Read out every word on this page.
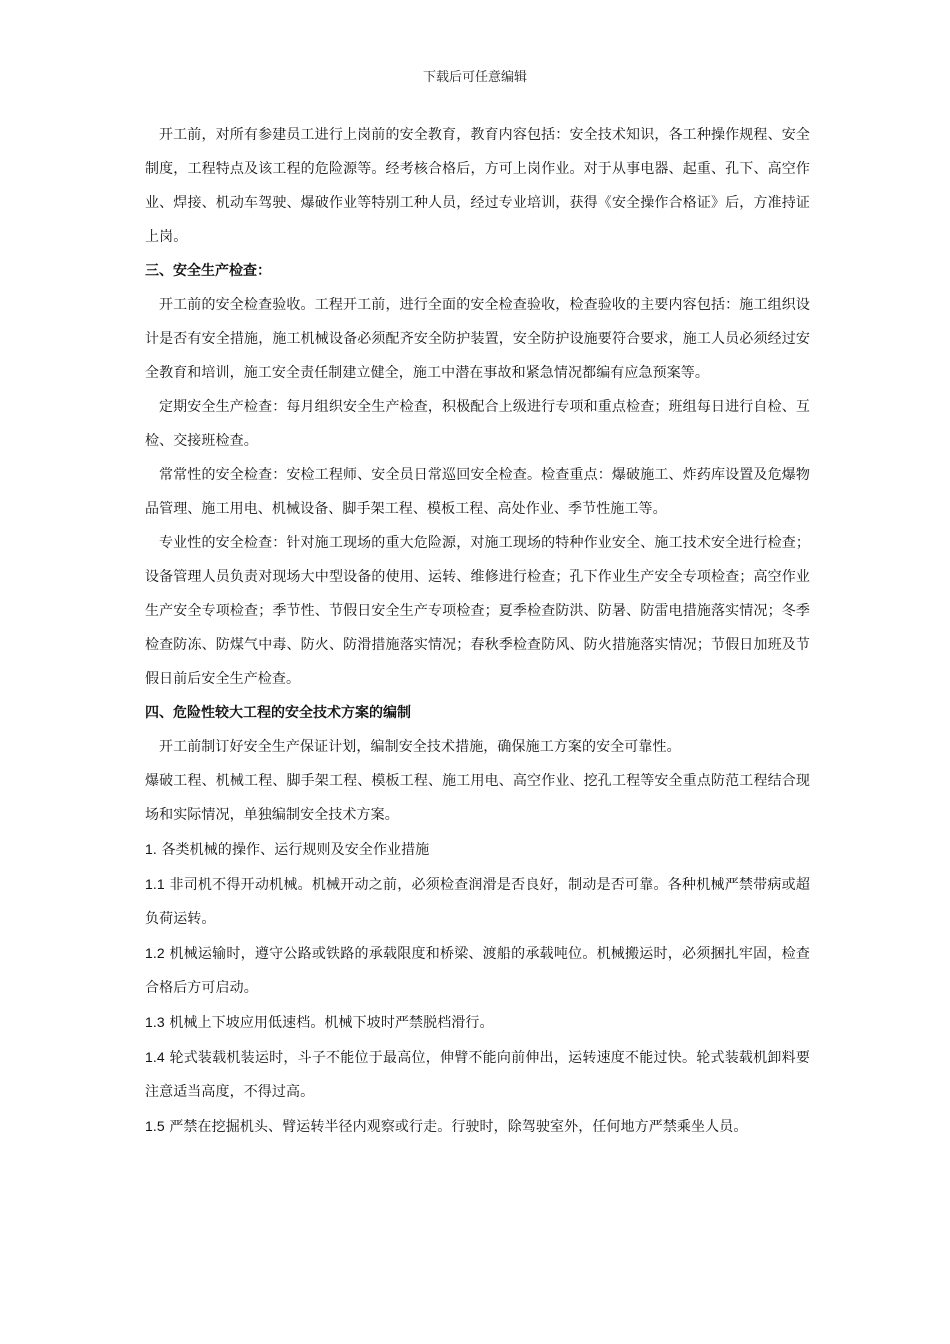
下载后可任意编辑

开工前，对所有参建员工进行上岗前的安全教育，教育内容包括：安全技术知识，各工种操作规程、安全制度，工程特点及该工程的危险源等。经考核合格后，方可上岗作业。对于从事电器、起重、孔下、高空作业、焊接、机动车驾驶、爆破作业等特别工种人员，经过专业培训，获得《安全操作合格证》后，方准持证上岗。

三、安全生产检查：

开工前的安全检查验收。工程开工前，进行全面的安全检查验收，检查验收的主要内容包括：施工组织设计是否有安全措施，施工机械设备必须配齐安全防护装置，安全防护设施要符合要求，施工人员必须经过安全教育和培训，施工安全责任制建立健全，施工中潜在事故和紧急情况都编有应急预案等。

定期安全生产检查：每月组织安全生产检查，积极配合上级进行专项和重点检查；班组每日进行自检、互检、交接班检查。

常常性的安全检查：安检工程师、安全员日常巡回安全检查。检查重点：爆破施工、炸药库设置及危爆物品管理、施工用电、机械设备、脚手架工程、模板工程、高处作业、季节性施工等。

专业性的安全检查：针对施工现场的重大危险源，对施工现场的特种作业安全、施工技术安全进行检查；设备管理人员负责对现场大中型设备的使用、运转、维修进行检查；孔下作业生产安全专项检查；高空作业生产安全专项检查；季节性、节假日安全生产专项检查；夏季检查防洪、防暑、防雷电措施落实情况；冬季检查防冻、防煤气中毒、防火、防滑措施落实情况；春秋季检查防风、防火措施落实情况；节假日加班及节假日前后安全生产检查。

四、危险性较大工程的安全技术方案的编制

开工前制订好安全生产保证计划，编制安全技术措施，确保施工方案的安全可靠性。

爆破工程、机械工程、脚手架工程、模板工程、施工用电、高空作业、挖孔工程等安全重点防范工程结合现场和实际情况，单独编制安全技术方案。

1. 各类机械的操作、运行规则及安全作业措施

1.1 非司机不得开动机械。机械开动之前，必须检查润滑是否良好，制动是否可靠。各种机械严禁带病或超负荷运转。

1.2 机械运输时，遵守公路或铁路的承载限度和桥梁、渡船的承载吨位。机械搬运时，必须捆扎牢固，检查合格后方可启动。

1.3 机械上下坡应用低速档。机械下坡时严禁脱档滑行。

1.4 轮式装载机装运时，斗子不能位于最高位，伸臂不能向前伸出，运转速度不能过快。轮式装载机卸料要注意适当高度，不得过高。

1.5 严禁在挖掘机头、臂运转半径内观察或行走。行驶时，除驾驶室外，任何地方严禁乘坐人员。
